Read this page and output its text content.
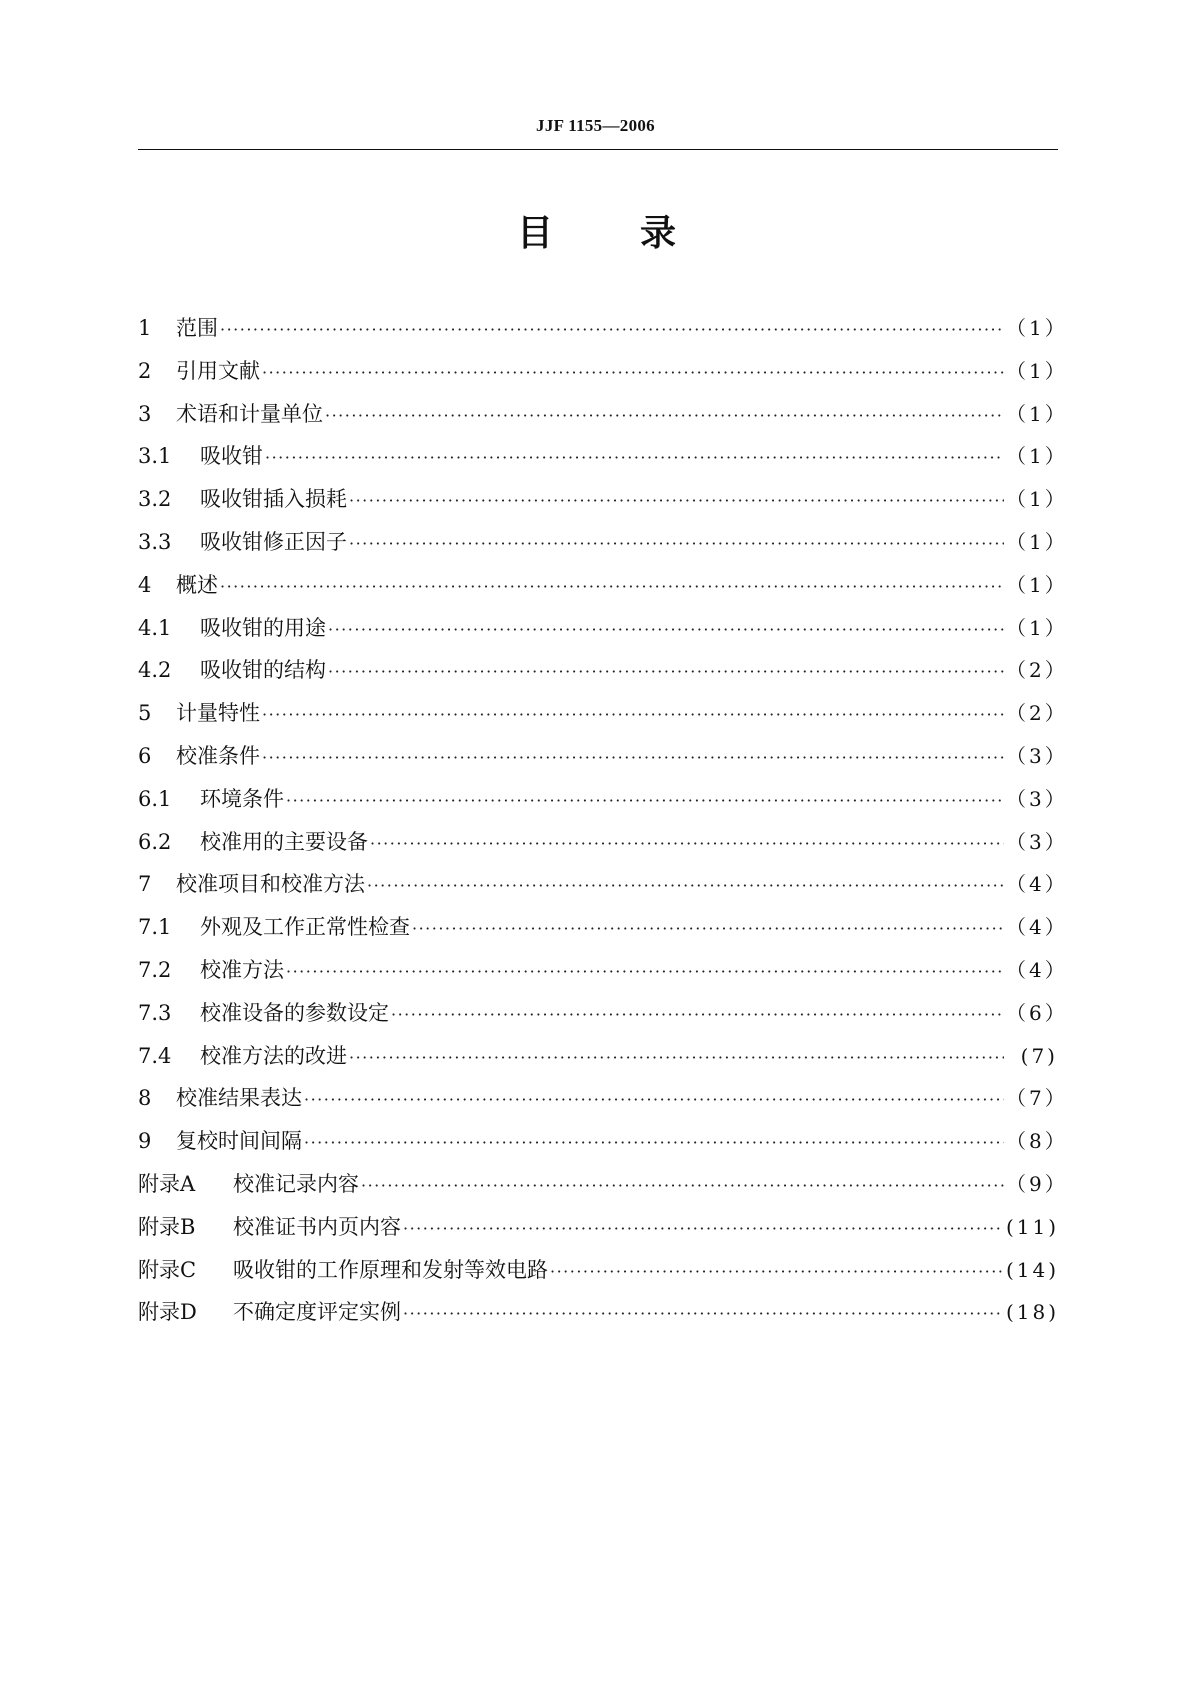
JJF 1155—2006
目 录
1	范围 ·····	（1）
2	引用文献 ·····	（1）
3	术语和计量单位 ·····	（1）
3.1	吸收钳 ·····	（1）
3.2	吸收钳插入损耗 ·····	（1）
3.3	吸收钳修正因子 ·····	（1）
4	概述 ·····	（1）
4.1	吸收钳的用途 ·····	（1）
4.2	吸收钳的结构 ·····	（2）
5	计量特性 ·····	（2）
6	校准条件 ·····	（3）
6.1	环境条件 ·····	（3）
6.2	校准用的主要设备 ·····	（3）
7	校准项目和校准方法 ·····	（4）
7.1	外观及工作正常性检查 ·····	（4）
7.2	校准方法 ·····	（4）
7.3	校准设备的参数设定 ·····	（6）
7.4	校准方法的改进 ·····	(7)
8	校准结果表达 ·····	（7）
9	复校时间间隔 ·····	（8）
附录A	校准记录内容 ·····	（9）
附录B	校准证书内页内容 ·····	(11)
附录C	吸收钳的工作原理和发射等效电路 ·····	(14)
附录D	不确定度评定实例 ·····	(18)
